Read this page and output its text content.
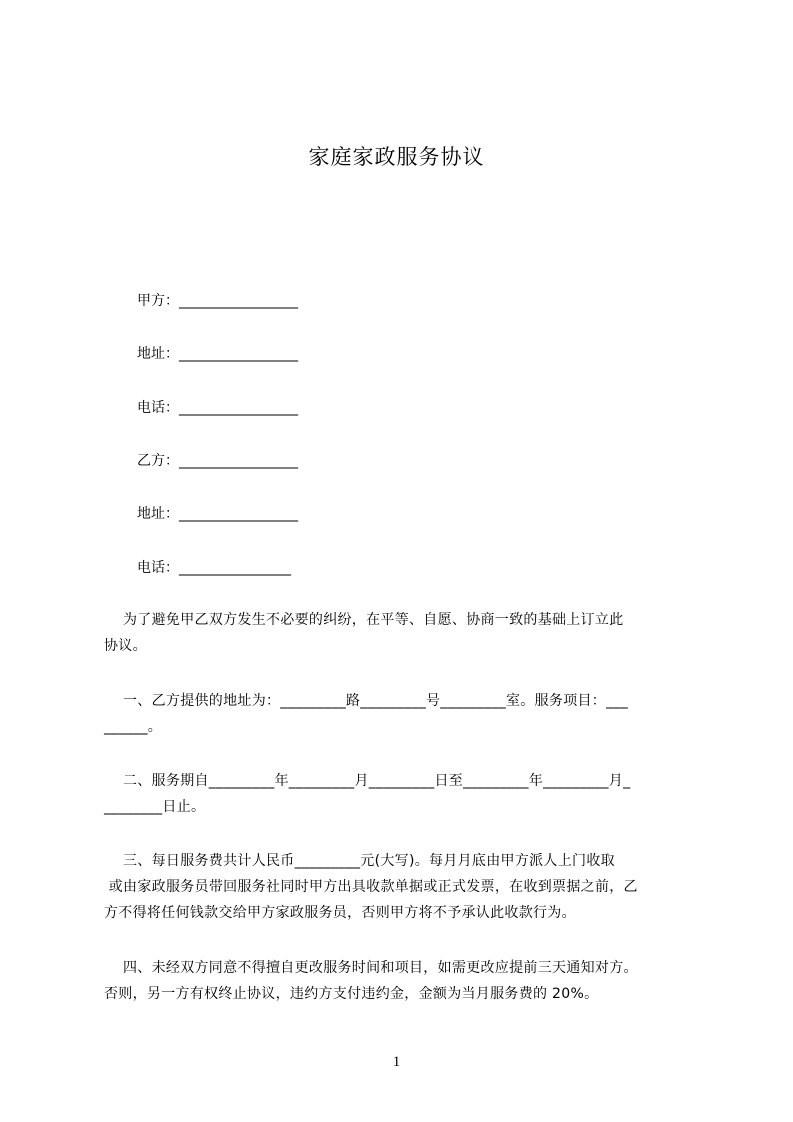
家庭家政服务协议
甲方：_________________
地址：_________________
电话：_________________
乙方：_________________
地址：_________________
电话：________________
为了避免甲乙双方发生不必要的纠纷，在平等、自愿、协商一致的基础上订立此
协议。
一、乙方提供的地址为：_________路_________号_________室。服务项目：___
______。
二、服务期自_________年_________月_________日至_________年_________月_
________日止。
三、每日服务费共计人民币_________元(大写)。每月月底由甲方派人上门收取
或由家政服务员带回服务社同时甲方出具收款单据或正式发票，在收到票据之前，乙
方不得将任何钱款交给甲方家政服务员，否则甲方将不予承认此收款行为。
四、未经双方同意不得擅自更改服务时间和项目，如需更改应提前三天通知对方。
否则，另一方有权终止协议，违约方支付违约金，金额为当月服务费的 20%。
1
